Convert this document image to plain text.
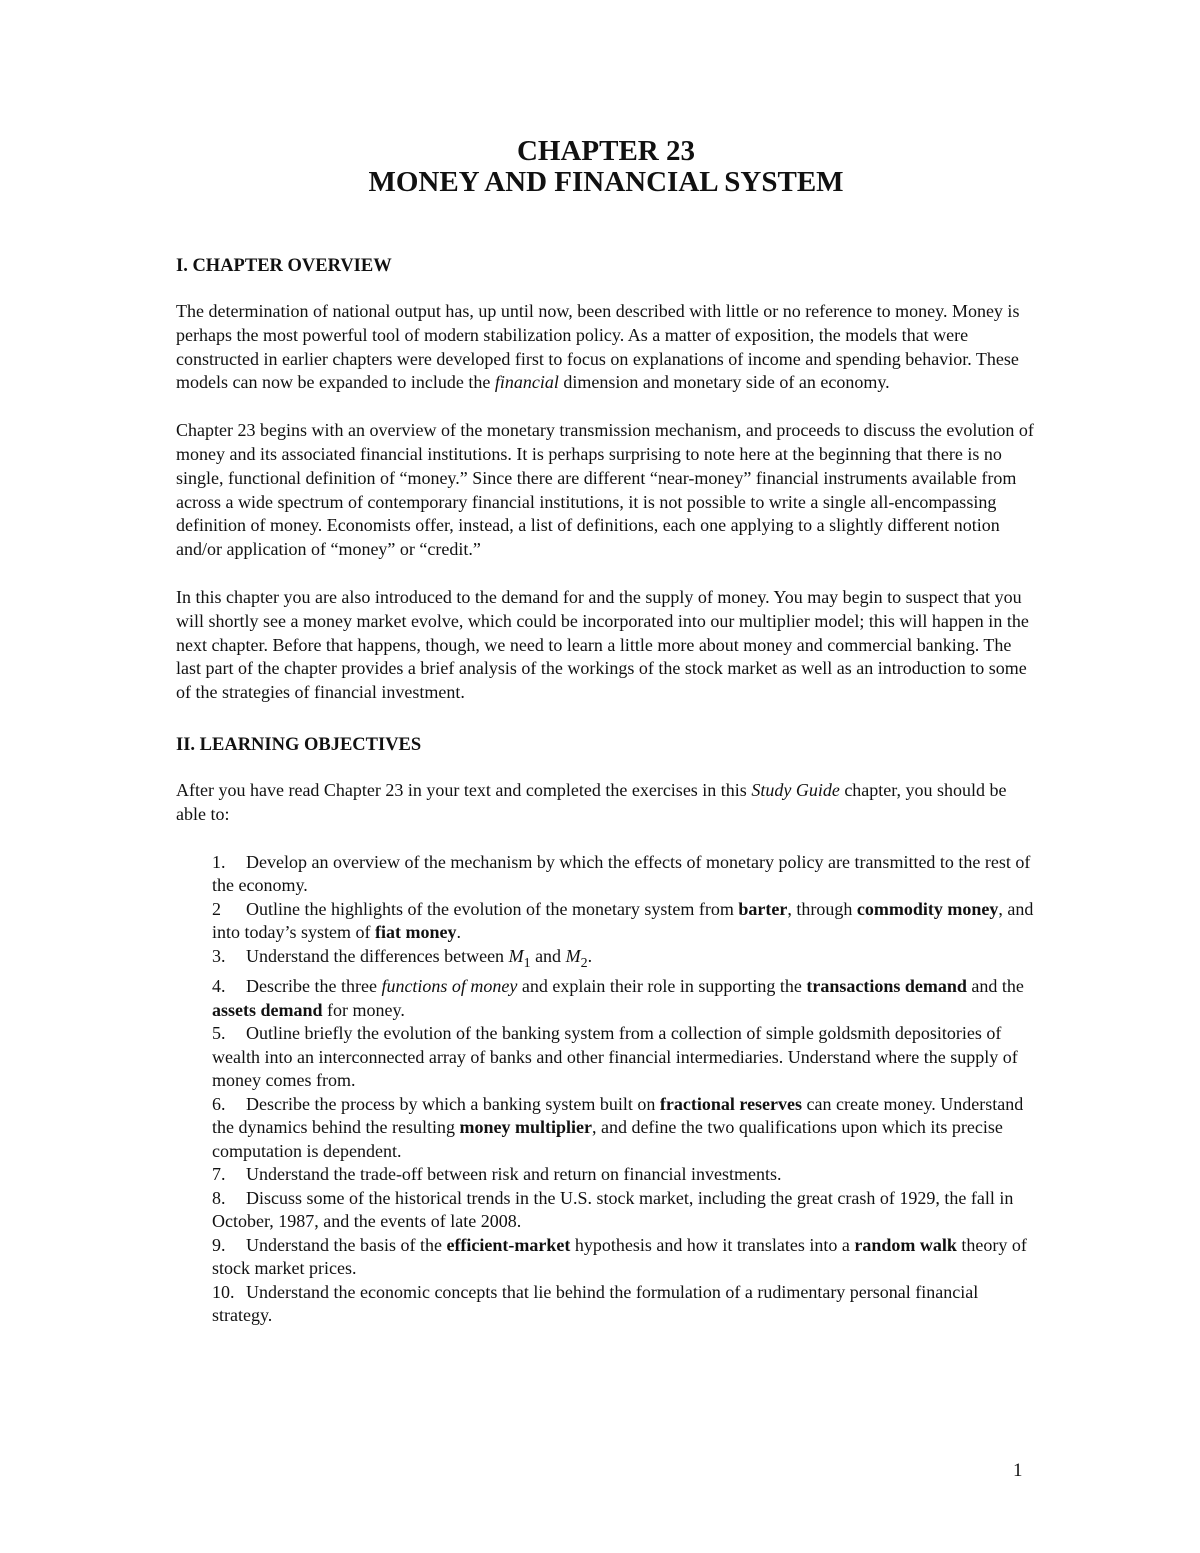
CHAPTER 23
MONEY AND FINANCIAL SYSTEM
I. CHAPTER OVERVIEW

The determination of national output has, up until now, been described with little or no reference to money. Money is perhaps the most powerful tool of modern stabilization policy. As a matter of exposition, the models that were constructed in earlier chapters were developed first to focus on explanations of income and spending behavior. These models can now be expanded to include the financial dimension and monetary side of an economy.

Chapter 23 begins with an overview of the monetary transmission mechanism, and proceeds to discuss the evolution of money and its associated financial institutions. It is perhaps surprising to note here at the beginning that there is no single, functional definition of “money.” Since there are different “near-money” financial instruments available from across a wide spectrum of contemporary financial institutions, it is not possible to write a single all-encompassing definition of money. Economists offer, instead, a list of definitions, each one applying to a slightly different notion and/or application of “money” or “credit.”

In this chapter you are also introduced to the demand for and the supply of money. You may begin to suspect that you will shortly see a money market evolve, which could be incorporated into our multiplier model; this will happen in the next chapter. Before that happens, though, we need to learn a little more about money and commercial banking. The last part of the chapter provides a brief analysis of the workings of the stock market as well as an introduction to some of the strategies of financial investment.

II. LEARNING OBJECTIVES

After you have read Chapter 23 in your text and completed the exercises in this Study Guide chapter, you should be able to:

1. Develop an overview of the mechanism by which the effects of monetary policy are transmitted to the rest of the economy.
2 Outline the highlights of the evolution of the monetary system from barter, through commodity money, and into today’s system of fiat money.
3. Understand the differences between $M_1$ and $M_2$.
4. Describe the three functions of money and explain their role in supporting the transactions demand and the assets demand for money.
5. Outline briefly the evolution of the banking system from a collection of simple goldsmith depositories of wealth into an interconnected array of banks and other financial intermediaries. Understand where the supply of money comes from.
6. Describe the process by which a banking system built on fractional reserves can create money. Understand the dynamics behind the resulting money multiplier, and define the two qualifications upon which its precise computation is dependent.
7. Understand the trade-off between risk and return on financial investments.
8. Discuss some of the historical trends in the U.S. stock market, including the great crash of 1929, the fall in October, 1987, and the events of late 2008.
9. Understand the basis of the efficient-market hypothesis and how it translates into a random walk theory of stock market prices.
10. Understand the economic concepts that lie behind the formulation of a rudimentary personal financial strategy.
1
